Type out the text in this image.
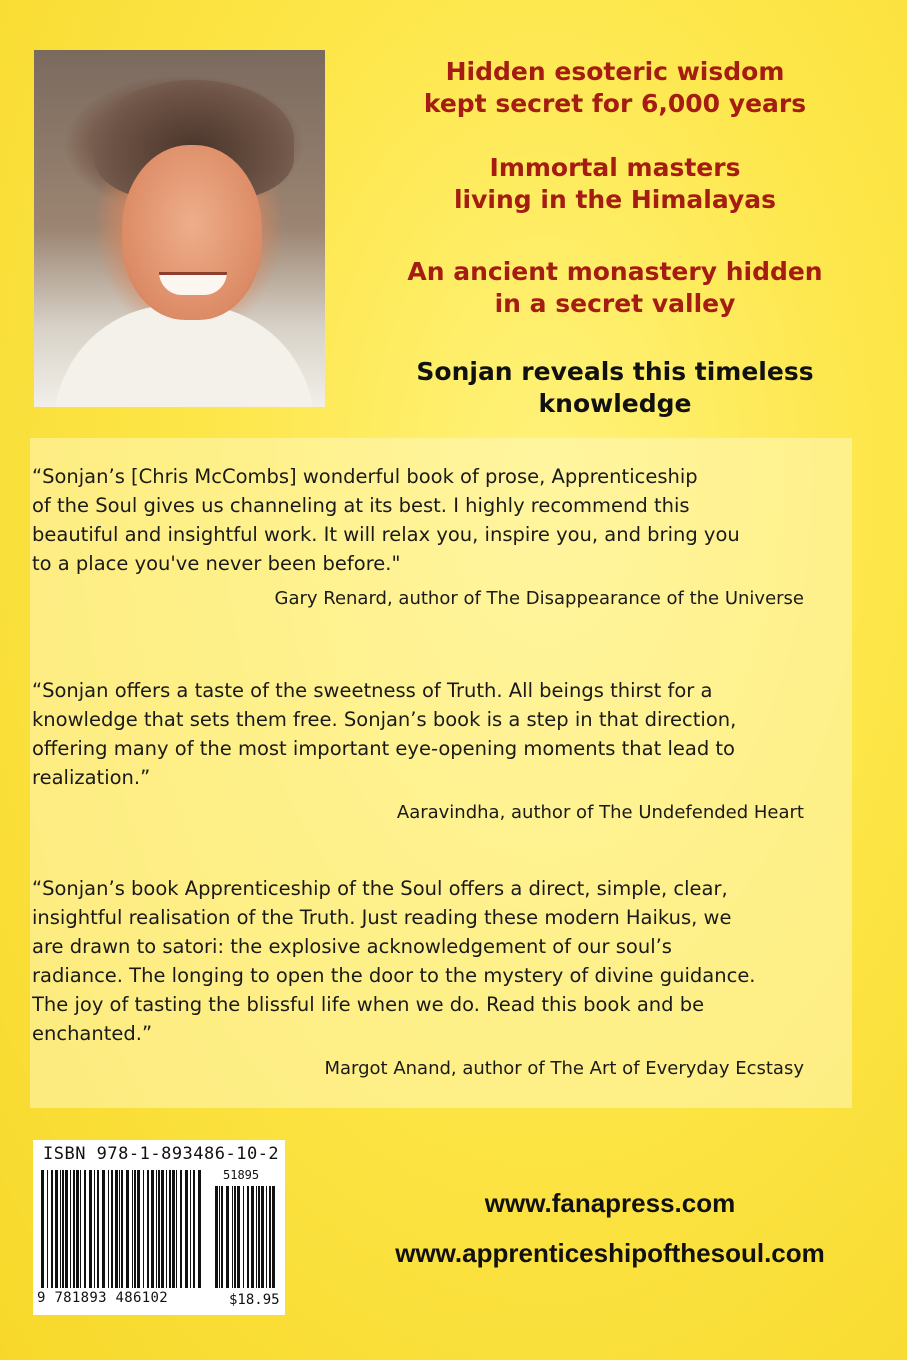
Hidden esoteric wisdom
kept secret for 6,000 years
Immortal masters
living in the Himalayas
An ancient monastery hidden
in a secret valley
Sonjan reveals this timeless
knowledge

“Sonjan’s [Chris McCombs] wonderful book of prose, Apprenticeship
of the Soul gives us channeling at its best. I highly recommend this
beautiful and insightful work. It will relax you, inspire you, and bring you
to a place you've never been before."

Gary Renard, author of The Disappearance of the Universe

“Sonjan offers a taste of the sweetness of Truth. All beings thirst for a
knowledge that sets them free. Sonjan’s book is a step in that direction,
offering many of the most important eye-opening moments that lead to
realization.”

Aaravindha, author of The Undefended Heart

“Sonjan’s book Apprenticeship of the Soul offers a direct, simple, clear,
insightful realisation of the Truth. Just reading these modern Haikus, we
are drawn to satori: the explosive acknowledgement of our soul’s
radiance. The longing to open the door to the mystery of divine guidance.
The joy of tasting the blissful life when we do. Read this book and be
enchanted.”

Margot Anand, author of The Art of Everyday Ecstasy

ISBN 978-1-893486-10-2
51895
9 781893 486102	$18.95

www.fanapress.com

www.apprenticeshipofthesoul.com
